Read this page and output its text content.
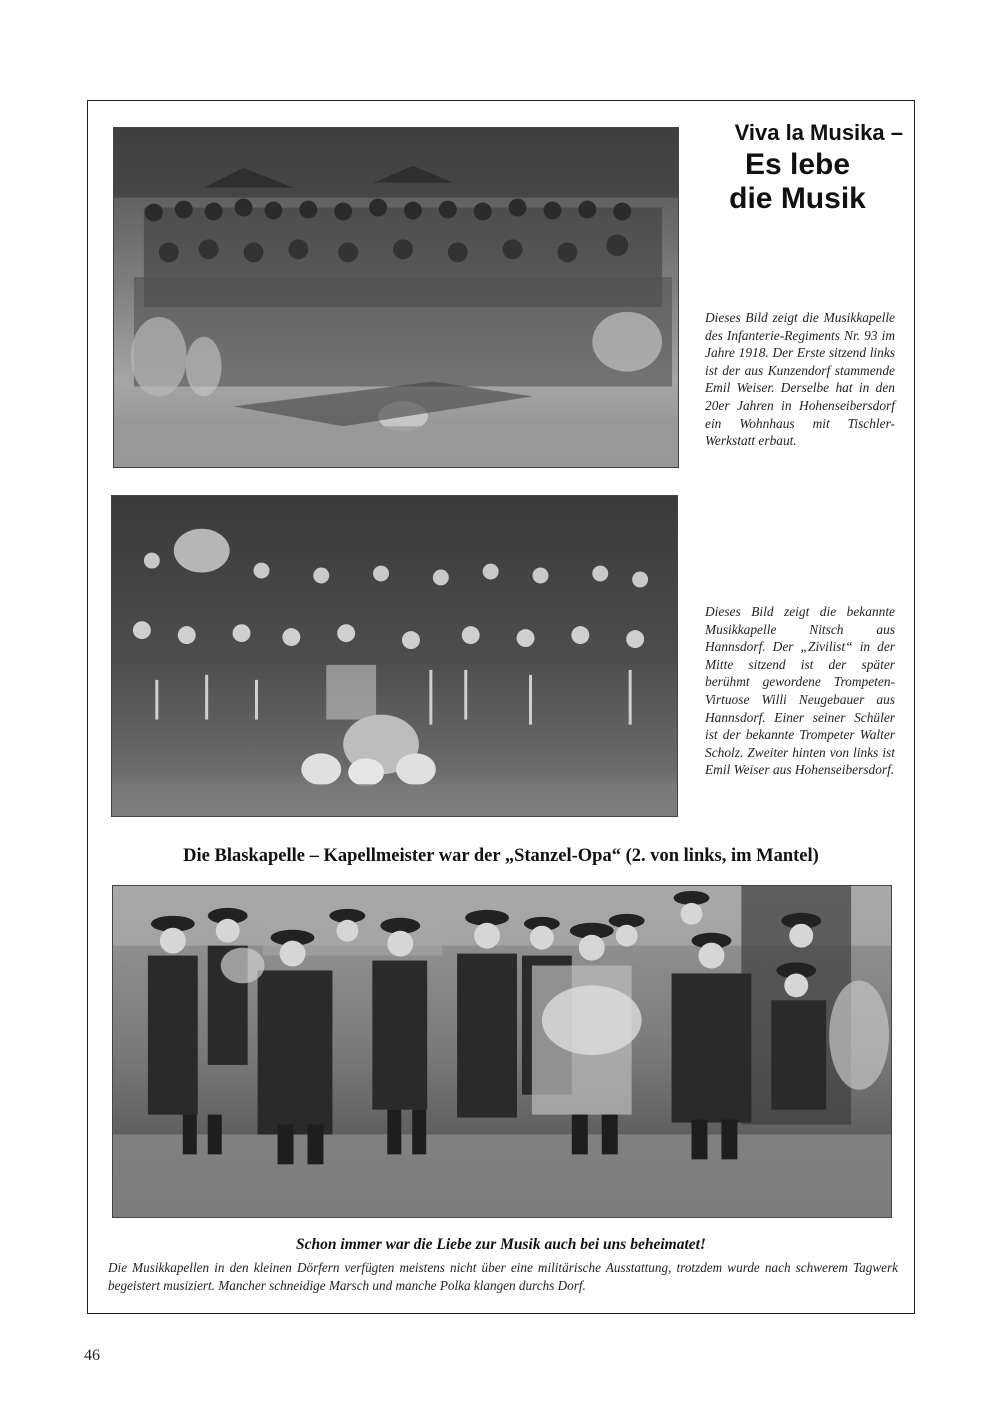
Viva la Musika –
Es lebe
die Musik
Dieses Bild zeigt die Musikkapelle des Infanterie-Regiments Nr. 93 im Jahre 1918. Der Erste sitzend links ist der aus Kunzendorf stammende Emil Weiser. Derselbe hat in den 20er Jahren in Hohenseibersdorf ein Wohnhaus mit Tischler-Werkstatt erbaut.
Dieses Bild zeigt die bekannte Musikkapelle Nitsch aus Hannsdorf. Der „Zivilist“ in der Mitte sitzend ist der später berühmt gewordene Trompeten-Virtuose Willi Neugebauer aus Hannsdorf. Einer seiner Schüler ist der bekannte Trompeter Walter Scholz. Zweiter hinten von links ist Emil Weiser aus Hohenseibersdorf.
Die Blaskapelle – Kapellmeister war der „Stanzel-Opa“ (2. von links, im Mantel)
Schon immer war die Liebe zur Musik auch bei uns beheimatet!
Die Musikkapellen in den kleinen Dörfern verfügten meistens nicht über eine militärische Ausstattung, trotzdem wurde nach schwerem Tagwerk begeistert musiziert. Mancher schneidige Marsch und manche Polka klangen durchs Dorf.
46
